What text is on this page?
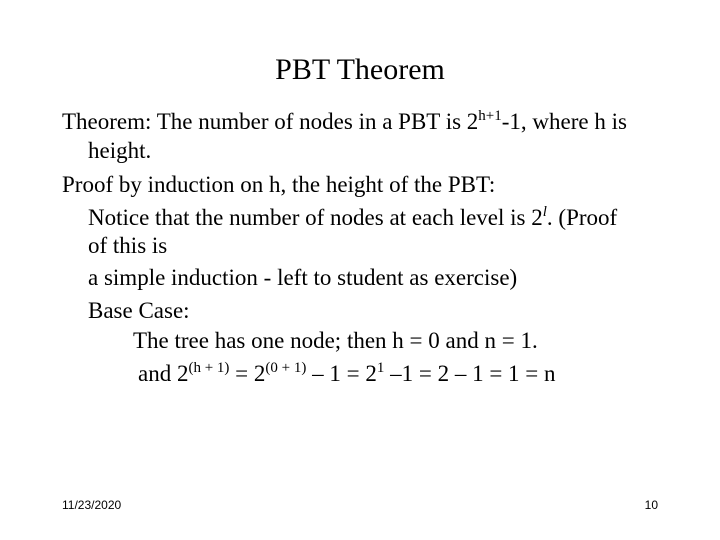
PBT Theorem
Theorem: The number of nodes in a PBT is $2^{h+1}-1$, where h is
height.
Proof by induction on h, the height of the PBT:
Notice that the number of nodes at each level is 2$^l$. (Proof
of this is
a simple induction - left to student as exercise)
Base Case:
The tree has one node; then h = 0 and n = 1.
and $2^{(h + 1)} = 2^{(0 + 1)} - 1 = 2^1$ –1 = 2 – 1 = 1 = n
11/23/2020	10
